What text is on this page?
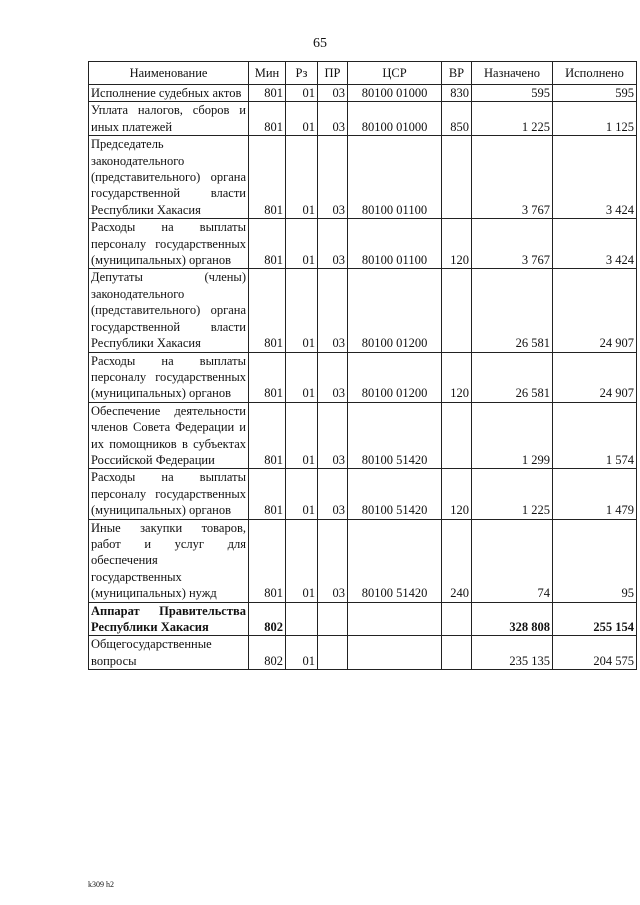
65
Наименование	Мин	Рз	ПР	ЦСР	ВР	Назначено	Исполнено
Исполнение судебных актов	801	01	03	80100 01000	830	595	595
Уплата налогов, сборов и иных платежей	801	01	03	80100 01000	850	1 225	1 125
Председатель законодательного (представительного) органа государственной власти Республики Хакасия	801	01	03	80100 01100		3 767	3 424
Расходы на выплаты персоналу государственных (муниципальных) органов	801	01	03	80100 01100	120	3 767	3 424
Депутаты (члены) законодательного (представительного) органа государственной власти Республики Хакасия	801	01	03	80100 01200		26 581	24 907
Расходы на выплаты персоналу государственных (муниципальных) органов	801	01	03	80100 01200	120	26 581	24 907
Обеспечение деятельности членов Совета Федерации и их помощников в субъектах Российской Федерации	801	01	03	80100 51420		1 299	1 574
Расходы на выплаты персоналу государственных (муниципальных) органов	801	01	03	80100 51420	120	1 225	1 479
Иные закупки товаров, работ и услуг для обеспечения государственных (муниципальных) нужд	801	01	03	80100 51420	240	74	95
Аппарат Правительства Республики Хакасия	802					328 808	255 154
Общегосударственные вопросы	802	01				235 135	204 575
k309 h2
